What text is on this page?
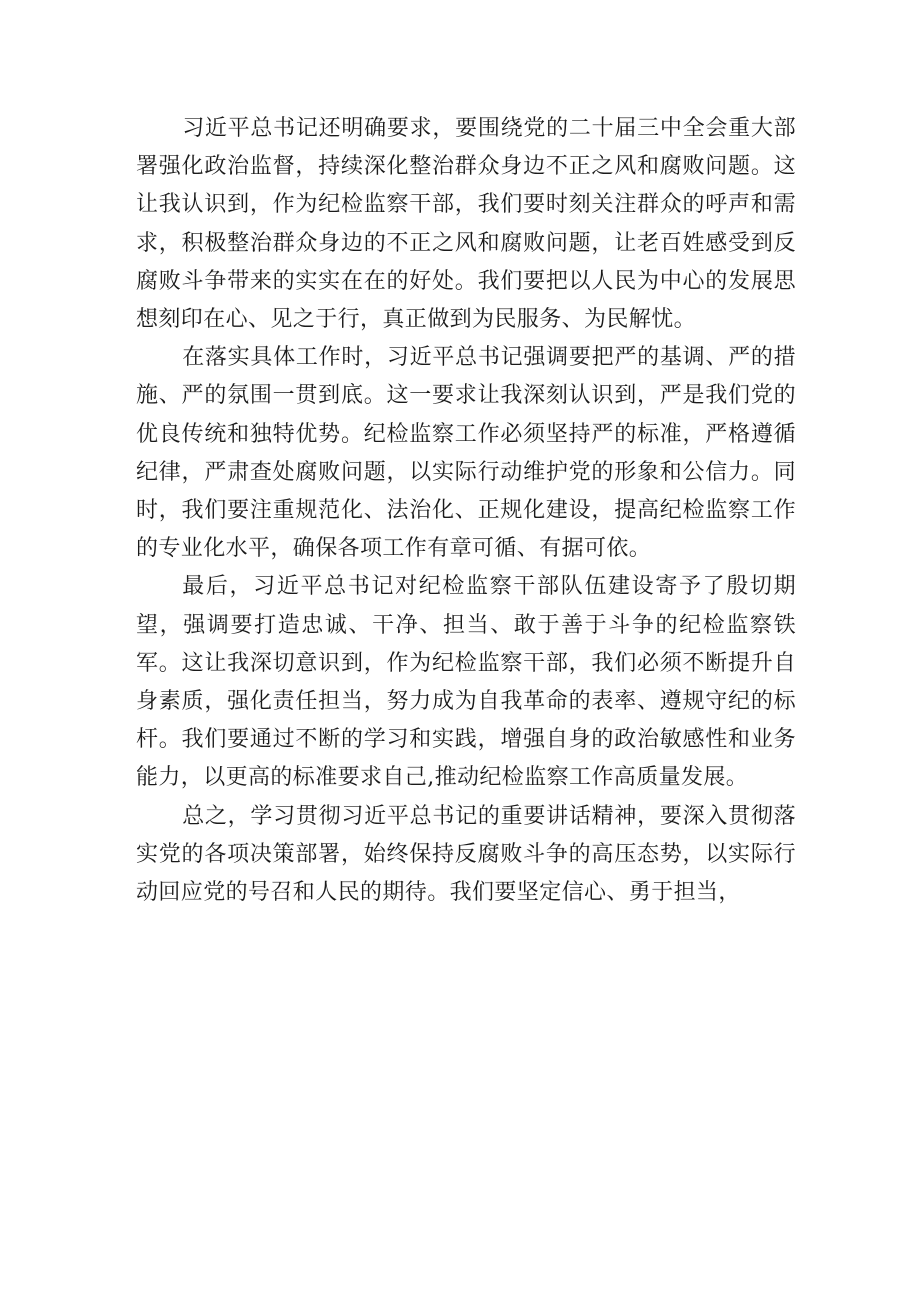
习近平总书记还明确要求，要围绕党的二十届三中全会重大部署强化政治监督，持续深化整治群众身边不正之风和腐败问题。这让我认识到，作为纪检监察干部，我们要时刻关注群众的呼声和需求，积极整治群众身边的不正之风和腐败问题，让老百姓感受到反腐败斗争带来的实实在在的好处。我们要把以人民为中心的发展思想刻印在心、见之于行，真正做到为民服务、为民解忧。

在落实具体工作时，习近平总书记强调要把严的基调、严的措施、严的氛围一贯到底。这一要求让我深刻认识到，严是我们党的优良传统和独特优势。纪检监察工作必须坚持严的标准，严格遵循纪律，严肃查处腐败问题，以实际行动维护党的形象和公信力。同时，我们要注重规范化、法治化、正规化建设，提高纪检监察工作的专业化水平，确保各项工作有章可循、有据可依。

最后，习近平总书记对纪检监察干部队伍建设寄予了殷切期望，强调要打造忠诚、干净、担当、敢于善于斗争的纪检监察铁军。这让我深切意识到，作为纪检监察干部，我们必须不断提升自身素质，强化责任担当，努力成为自我革命的表率、遵规守纪的标杆。我们要通过不断的学习和实践，增强自身的政治敏感性和业务能力，以更高的标准要求自己,推动纪检监察工作高质量发展。

总之，学习贯彻习近平总书记的重要讲话精神，要深入贯彻落实党的各项决策部署，始终保持反腐败斗争的高压态势，以实际行动回应党的号召和人民的期待。我们要坚定信心、勇于担当，
